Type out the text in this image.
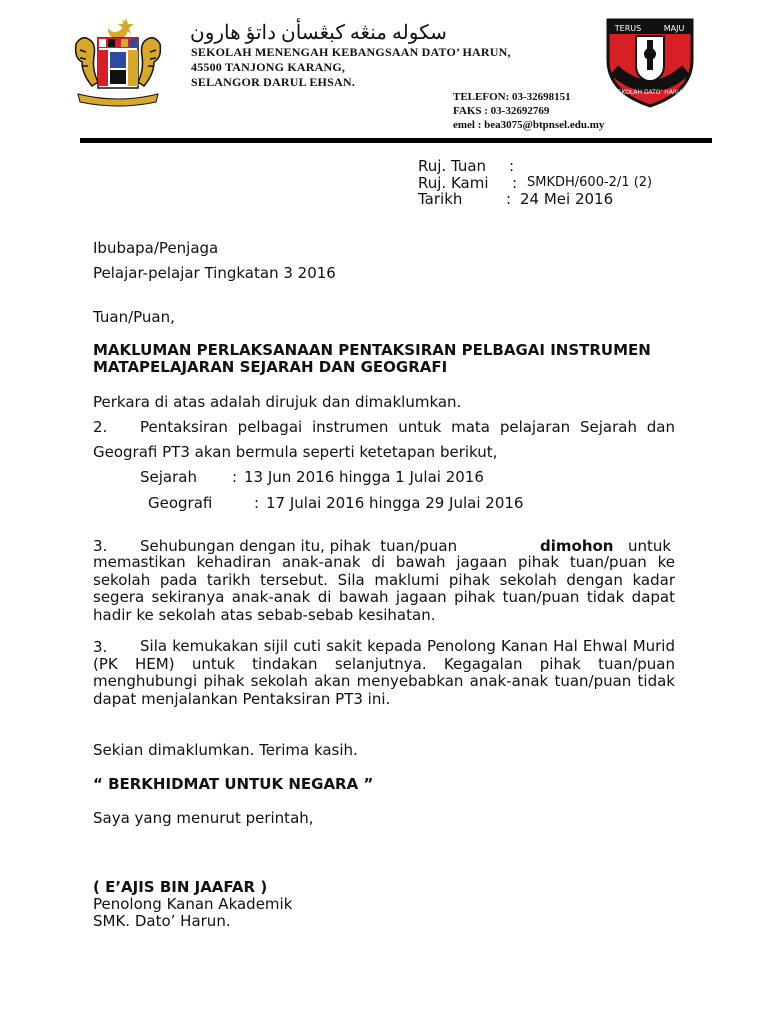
سکوله منڠه کبڠسأن داتؤ هارون
SEKOLAH MENENGAH KEBANGSAAN DATO’ HARUN,
45500 TANJONG KARANG,
SELANGOR DARUL EHSAN.
TELEFON: 03-32698151
FAKS : 03-32692769
emel : bea3075@btpnsel.edu.my
TERUS	MAJU
SEKOLAH DATO’ HARUN
Ruj. Tuan :
Ruj. Kami : SMKDH/600-2/1 (2)
Tarikh	: 24 Mei 2016
Ibubapa/Penjaga
Pelajar-pelajar Tingkatan 3 2016
Tuan/Puan,
MAKLUMAN PERLAKSANAAN PENTAKSIRAN PELBAGAI INSTRUMEN
MATAPELAJARAN SEJARAH DAN GEOGRAFI
Perkara di atas adalah dirujuk dan dimaklumkan.
2. Pentaksiran pelbagai instrumen untuk mata pelajaran Sejarah dan
Geografi PT3 akan bermula seperti ketetapan berikut,
Sejarah : 13 Jun 2016 hingga 1 Julai 2016
Geografi	: 17 Julai 2016 hingga 29 Julai 2016
3. Sehubungan dengan itu, pihak  tuan/puan	dimohon untuk
memastikan kehadiran anak-anak di bawah jagaan pihak tuan/puan ke sekolah pada tarikh tersebut. Sila maklumi pihak sekolah dengan kadar segera sekiranya anak-anak di bawah jagaan pihak tuan/puan tidak dapat hadir ke sekolah atas sebab-sebab kesihatan.
3.	Sila kemukakan sijil cuti sakit kepada Penolong Kanan Hal Ehwal Murid (PK HEM) untuk tindakan selanjutnya. Kegagalan pihak tuan/puan menghubungi pihak sekolah akan menyebabkan anak-anak tuan/puan tidak dapat menjalankan Pentaksiran PT3 ini.
Sekian dimaklumkan. Terima kasih.
“ BERKHIDMAT UNTUK NEGARA ”
Saya yang menurut perintah,
( E’AJIS BIN JAAFAR )
Penolong Kanan Akademik
SMK. Dato’ Harun.
